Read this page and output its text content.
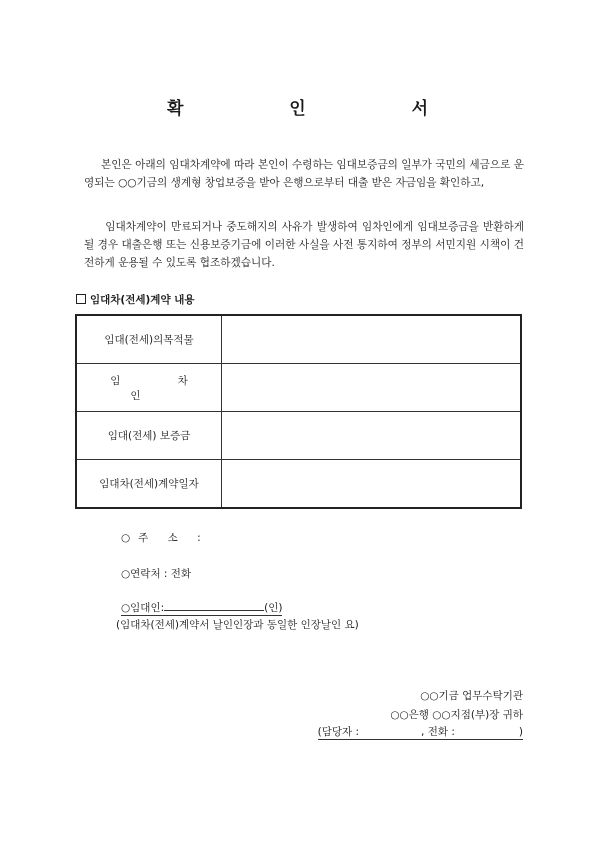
확 인 서

본인은 아래의 임대차계약에 따라 본인이 수령하는 임대보증금의 일부가 국민의 세금으로 운영되는 ○○기금의 생계형 창업보증을 받아 은행으로부터 대출 받은 자금임을 확인하고,

임대차계약이 만료되거나 중도해지의 사유가 발생하여 임차인에게 임대보증금을 반환하게 될 경우 대출은행 또는 신용보증기금에 이러한 사실을 사전 통지하여 정부의 서민지원 시책이 건전하게 운용될 수 있도록 협조하겠습니다.

임대차(전세)계약 내용
임대(전세)의목적물	
임 차 인	
임대(전세) 보증금	
임대차(전세)계약일자	
○주 소 :
○연락처 : 전화
○임대인:	(인)
(임대차(전세)계약서 날인인장과 동일한 인장날인 요)
○○기금 업무수탁기관
○○은행 ○○지점(부)장 귀하
(담당자 :	, 전화 :	)
